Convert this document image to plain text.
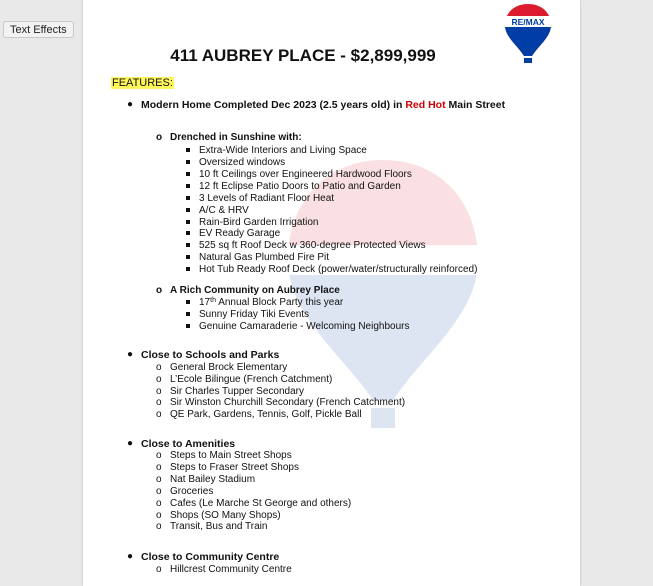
Text Effects
RE/MAX
411 AUBREY PLACE - $2,899,999
FEATURES:
● Modern Home Completed Dec 2023 (2.5 years old) in Red Hot Main Street
o Drenched in Sunshine with:
Extra-Wide Interiors and Living Space
Oversized windows
10 ft Ceilings over Engineered Hardwood Floors
12 ft Eclipse Patio Doors to Patio and Garden
3 Levels of Radiant Floor Heat
A/C & HRV
Rain-Bird Garden Irrigation
EV Ready Garage
525 sq ft Roof Deck w 360-degree Protected Views
Natural Gas Plumbed Fire Pit
Hot Tub Ready Roof Deck (power/water/structurally reinforced)
o A Rich Community on Aubrey Place
17th Annual Block Party this year
Sunny Friday Tiki Events
Genuine Camaraderie - Welcoming Neighbours
● Close to Schools and Parks
o General Brock Elementary
o L’Ecole Bilingue (French Catchment)
o Sir Charles Tupper Secondary
o Sir Winston Churchill Secondary (French Catchment)
o QE Park, Gardens, Tennis, Golf, Pickle Ball
● Close to Amenities
o Steps to Main Street Shops
o Steps to Fraser Street Shops
o Nat Bailey Stadium
o Groceries
o Cafes (Le Marche St George and others)
o Shops (SO Many Shops)
o Transit, Bus and Train
● Close to Community Centre
o Hillcrest Community Centre
